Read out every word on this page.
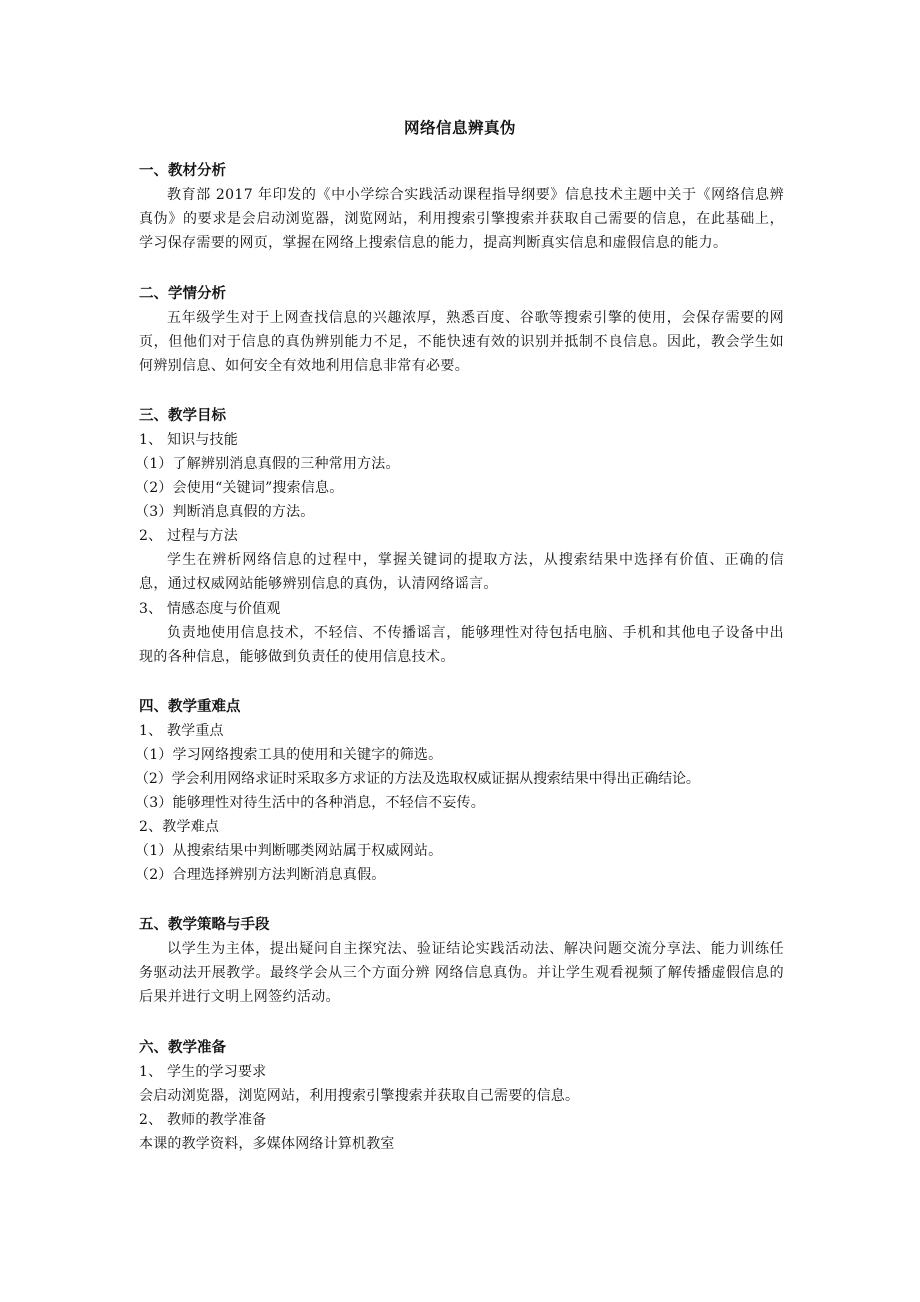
网络信息辨真伪
一、教材分析
教育部 2017 年印发的《中小学综合实践活动课程指导纲要》信息技术主题中关于《网络信息辨真伪》的要求是会启动浏览器，浏览网站，利用搜索引擎搜索并获取自己需要的信息，在此基础上，学习保存需要的网页，掌握在网络上搜索信息的能力，提高判断真实信息和虚假信息的能力。
二、学情分析
五年级学生对于上网查找信息的兴趣浓厚，熟悉百度、谷歌等搜索引擎的使用，会保存需要的网页，但他们对于信息的真伪辨别能力不足，不能快速有效的识别并抵制不良信息。因此，教会学生如何辨别信息、如何安全有效地利用信息非常有必要。
三、教学目标
1、 知识与技能
（1）了解辨别消息真假的三种常用方法。
（2）会使用“关键词”搜索信息。
（3）判断消息真假的方法。
2、 过程与方法
学生在辨析网络信息的过程中，掌握关键词的提取方法，从搜索结果中选择有价值、正确的信息，通过权威网站能够辨别信息的真伪，认清网络谣言。
3、 情感态度与价值观
负责地使用信息技术，不轻信、不传播谣言，能够理性对待包括电脑、手机和其他电子设备中出现的各种信息，能够做到负责任的使用信息技术。
四、教学重难点
1、 教学重点
（1）学习网络搜索工具的使用和关键字的筛选。
（2）学会利用网络求证时采取多方求证的方法及选取权威证据从搜索结果中得出正确结论。
（3）能够理性对待生活中的各种消息，不轻信不妄传。
2、教学难点
（1）从搜索结果中判断哪类网站属于权威网站。
（2）合理选择辨别方法判断消息真假。
五、教学策略与手段
以学生为主体，提出疑问自主探究法、验证结论实践活动法、解决问题交流分享法、能力训练任务驱动法开展教学。最终学会从三个方面分辨 网络信息真伪。并让学生观看视频了解传播虚假信息的后果并进行文明上网签约活动。
六、教学准备
1、 学生的学习要求
会启动浏览器，浏览网站，利用搜索引擎搜索并获取自己需要的信息。
2、 教师的教学准备
本课的教学资料，多媒体网络计算机教室
